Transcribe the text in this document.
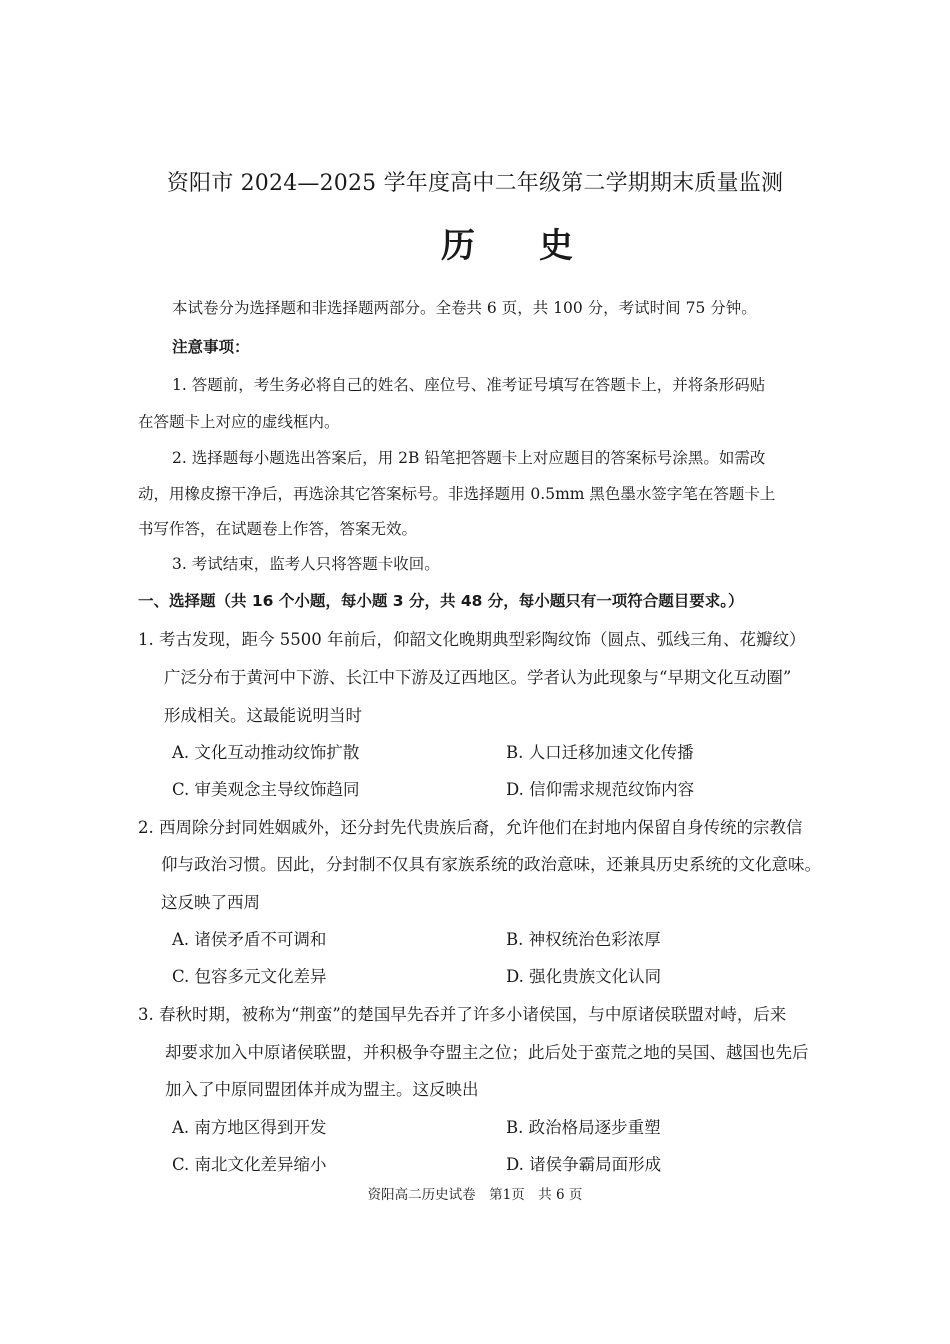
资阳市 2024—2025 学年度高中二年级第二学期期末质量监测
历史
本试卷分为选择题和非选择题两部分。全卷共 6 页，共 100 分，考试时间 75 分钟。
注意事项：
1. 答题前，考生务必将自己的姓名、座位号、准考证号填写在答题卡上，并将条形码贴
在答题卡上对应的虚线框内。
2. 选择题每小题选出答案后，用 2B 铅笔把答题卡上对应题目的答案标号涂黑。如需改
动，用橡皮擦干净后，再选涂其它答案标号。非选择题用 0.5mm 黑色墨水签字笔在答题卡上
书写作答，在试题卷上作答，答案无效。
3. 考试结束，监考人只将答题卡收回。
一、选择题（共 16 个小题，每小题 3 分，共 48 分，每小题只有一项符合题目要求。）
1. 考古发现，距今 5500 年前后，仰韶文化晚期典型彩陶纹饰（圆点、弧线三角、花瓣纹）
广泛分布于黄河中下游、长江中下游及辽西地区。学者认为此现象与“早期文化互动圈”
形成相关。这最能说明当时
A. 文化互动推动纹饰扩散	B. 人口迁移加速文化传播
C. 审美观念主导纹饰趋同	D. 信仰需求规范纹饰内容
2. 西周除分封同姓姻戚外，还分封先代贵族后裔，允许他们在封地内保留自身传统的宗教信
仰与政治习惯。因此，分封制不仅具有家族系统的政治意味，还兼具历史系统的文化意味。
这反映了西周
A. 诸侯矛盾不可调和	B. 神权统治色彩浓厚
C. 包容多元文化差异	D. 强化贵族文化认同
3. 春秋时期，被称为“荆蛮”的楚国早先吞并了许多小诸侯国，与中原诸侯联盟对峙，后来
却要求加入中原诸侯联盟，并积极争夺盟主之位；此后处于蛮荒之地的吴国、越国也先后
加入了中原同盟团体并成为盟主。这反映出
A. 南方地区得到开发	B. 政治格局逐步重塑
C. 南北文化差异缩小	D. 诸侯争霸局面形成
资阳高二历史试卷　第1页　共 6 页
